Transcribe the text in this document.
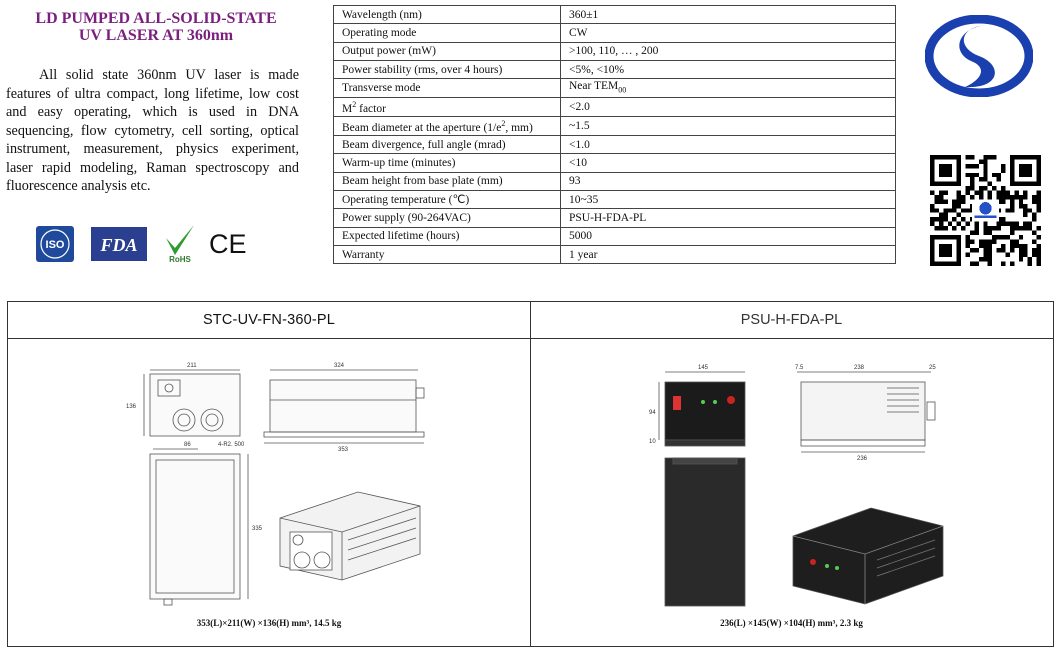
LD PUMPED ALL-SOLID-STATE
UV LASER AT 360nm

All solid state 360nm UV laser is made features of ultra compact, long lifetime, low cost and easy operating, which is used in DNA sequencing, flow cytometry, cell sorting, optical instrument, measurement, physics experiment, laser rapid modeling, Raman spectroscopy and fluorescence analysis etc.

ISO FDA
RoHS
CE
Wavelength (nm)	360±1
Operating mode	CW
Output power (mW)	>100, 110, … , 200
Power stability (rms, over 4 hours)	<5%, <10%
Transverse mode	Near $TEM_{00}$
$M^2$ factor	<2.0
Beam diameter at the aperture ($1/e^2$, mm)	~1.5
Beam divergence, full angle (mrad)	<1.0
Warm-up time (minutes)	<10
Beam height from base plate (mm)	93
Operating temperature (℃)	10~35
Power supply (90-264VAC)	PSU-H-FDA-PL
Expected lifetime (hours)	5000
Warranty	1 year
STC-UV-FN-360-PL	PSU-H-FDA-PL
211
136
324
353
86	4-R2. 500
335
145
94
10
7.5	238	25
236
353(L)×211(W) ×136(H) mm³, 14.5 kg	236(L) ×145(W) ×104(H) mm³, 2.3 kg
